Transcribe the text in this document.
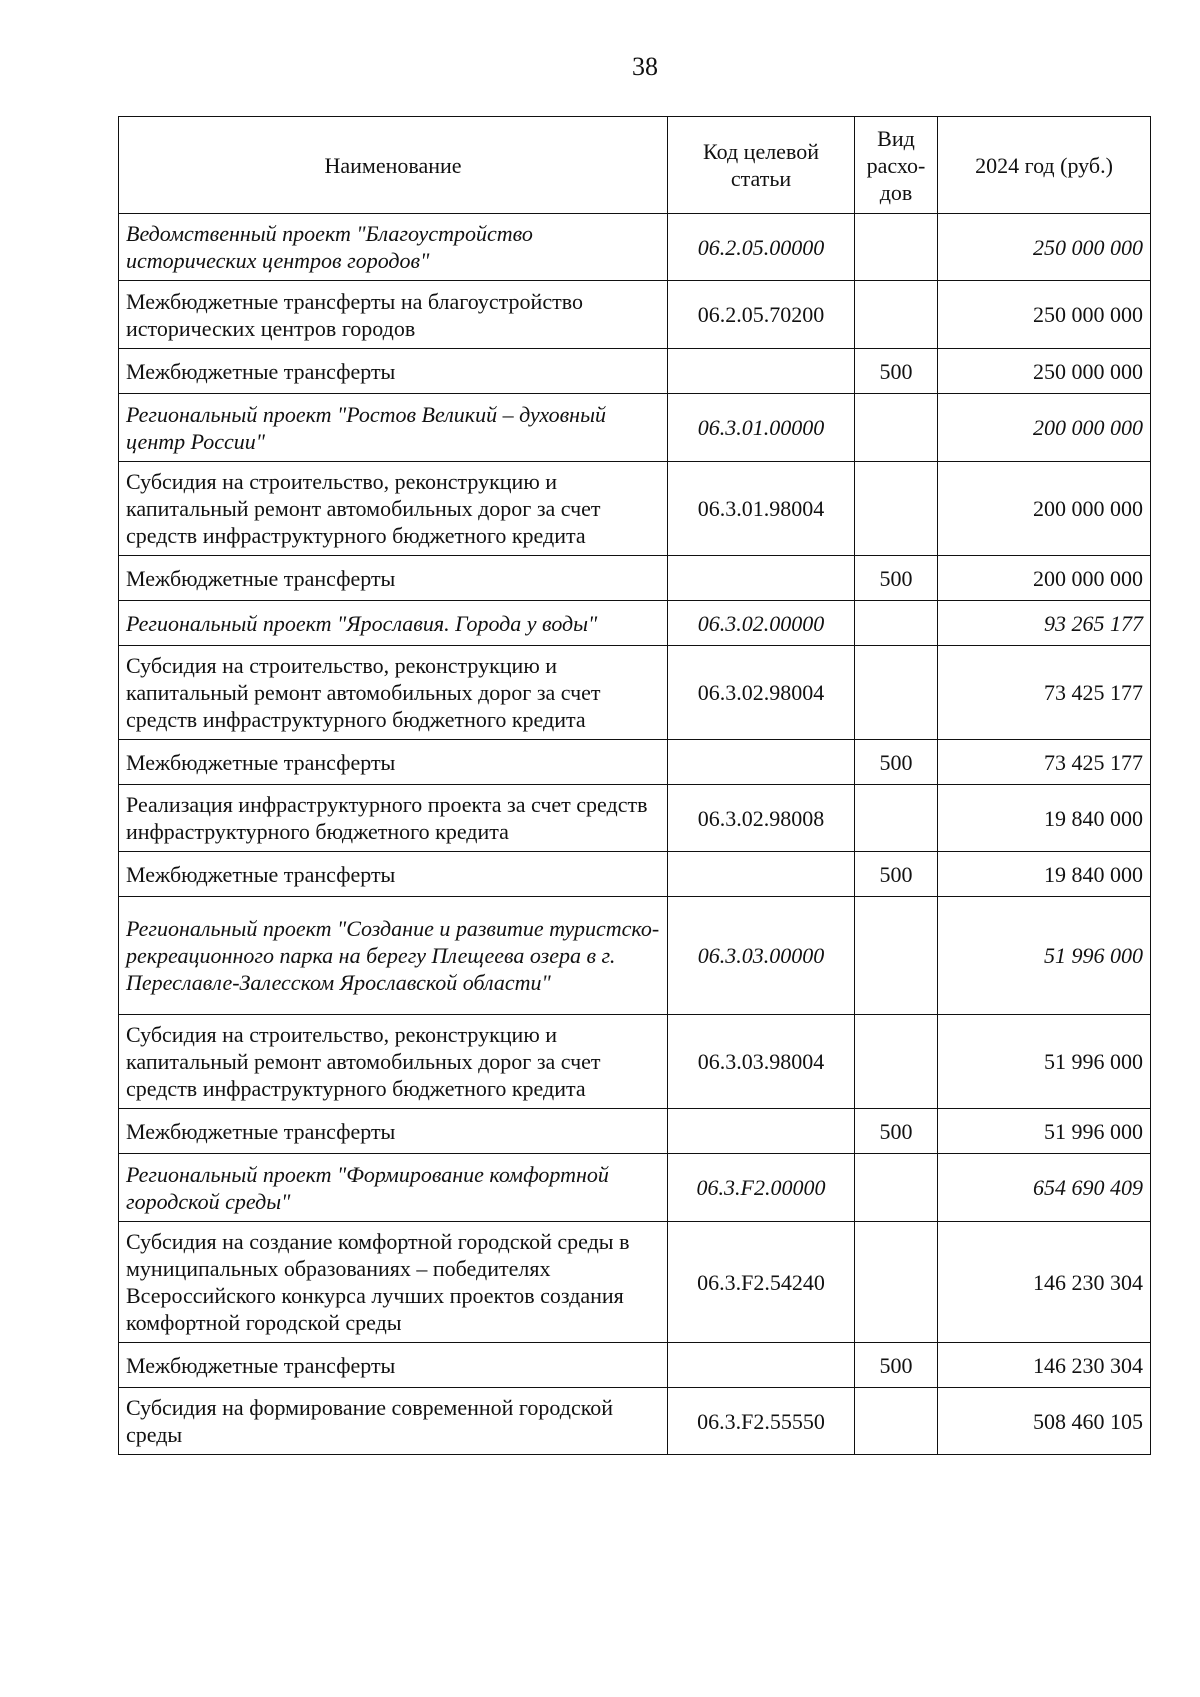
38
Наименование	Код целевой статьи	Вид расхо-дов	2024 год (руб.)
Ведомственный проект "Благоустройство исторических центров городов"	06.2.05.00000		250 000 000
Межбюджетные трансферты на благоустройство исторических центров городов	06.2.05.70200		250 000 000
Межбюджетные трансферты		500	250 000 000
Региональный проект "Ростов Великий – духовный центр России"	06.3.01.00000		200 000 000
Субсидия на строительство, реконструкцию и капитальный ремонт автомобильных дорог за счет средств инфраструктурного бюджетного кредита	06.3.01.98004		200 000 000
Межбюджетные трансферты		500	200 000 000
Региональный проект "Ярославия. Города у воды"	06.3.02.00000		93 265 177
Субсидия на строительство, реконструкцию и капитальный ремонт автомобильных дорог за счет средств инфраструктурного бюджетного кредита	06.3.02.98004		73 425 177
Межбюджетные трансферты		500	73 425 177
Реализация инфраструктурного проекта за счет средств инфраструктурного бюджетного кредита	06.3.02.98008		19 840 000
Межбюджетные трансферты		500	19 840 000
Региональный проект "Создание и развитие туристско-рекреационного парка на берегу Плещеева озера в г. Переславле-Залесском Ярославской области"	06.3.03.00000		51 996 000
Субсидия на строительство, реконструкцию и капитальный ремонт автомобильных дорог за счет средств инфраструктурного бюджетного кредита	06.3.03.98004		51 996 000
Межбюджетные трансферты		500	51 996 000
Региональный проект "Формирование комфортной городской среды"	06.3.F2.00000		654 690 409
Субсидия на создание комфортной городской среды в муниципальных образованиях – победителях Всероссийского конкурса лучших проектов создания комфортной городской среды	06.3.F2.54240		146 230 304
Межбюджетные трансферты		500	146 230 304
Субсидия на формирование современной городской среды	06.3.F2.55550		508 460 105
